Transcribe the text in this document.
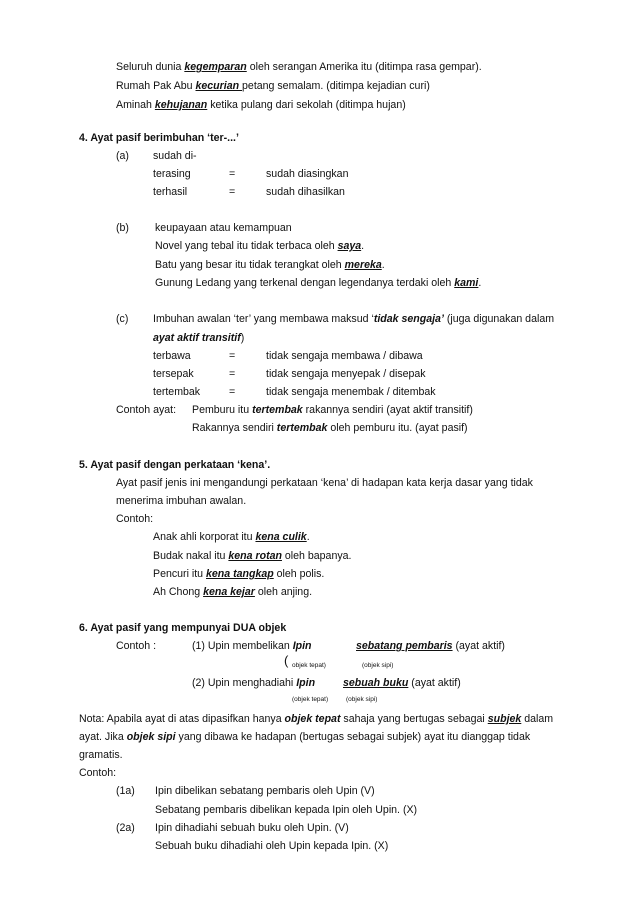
Seluruh dunia kegemparan oleh serangan Amerika itu (ditimpa rasa gempar).
Rumah Pak Abu kecurian petang semalam. (ditimpa kejadian curi)
Aminah kehujanan ketika pulang dari sekolah (ditimpa hujan)
4. Ayat pasif berimbuhan ‘ter-...’
(a) sudah di-
terasing	=	sudah diasingkan
terhasil	=	sudah dihasilkan
(b) keupayaan atau kemampuan
Novel yang tebal itu tidak terbaca oleh saya.
Batu yang besar itu tidak terangkat oleh mereka.
Gunung Ledang yang terkenal dengan legendanya terdaki oleh kami.
(c) Imbuhan awalan ‘ter’ yang membawa maksud ‘tidak sengaja’ (juga digunakan dalam
ayat aktif transitif)
terbawa	=	tidak sengaja membawa / dibawa
tersepak	=	tidak sengaja menyepak / disepak
tertembak	=	tidak sengaja menembak / ditembak
Contoh ayat: Pemburu itu tertembak rakannya sendiri (ayat aktif transitif)
Rakannya sendiri tertembak oleh pemburu itu. (ayat pasif)
5. Ayat pasif dengan perkataan ‘kena’.
Ayat pasif jenis ini mengandungi perkataan ‘kena’ di hadapan kata kerja dasar yang tidak
menerima imbuhan awalan.
Contoh:
Anak ahli korporat itu kena culik.
Budak nakal itu kena rotan oleh bapanya.
Pencuri itu kena tangkap oleh polis.
Ah Chong kena kejar oleh anjing.
6. Ayat pasif yang mempunyai DUA objek
Contoh :	(1) Upin membelikan Ipin	sebatang pembaris (ayat aktif)
( objek tepat)	(objek sipi)
(2) Upin menghadiahi Ipin	sebuah buku (ayat aktif)
(objek tepat)	(objek sipi)
Nota: Apabila ayat di atas dipasifkan hanya objek tepat sahaja yang bertugas sebagai subjek dalam
ayat. Jika objek sipi yang dibawa ke hadapan (bertugas sebagai subjek) ayat itu dianggap tidak
gramatis.
Contoh:
(1a) Ipin dibelikan sebatang pembaris oleh Upin (V)
Sebatang pembaris dibelikan kepada Ipin oleh Upin. (X)
(2a) Ipin dihadiahi sebuah buku oleh Upin. (V)
Sebuah buku dihadiahi oleh Upin kepada Ipin. (X)
